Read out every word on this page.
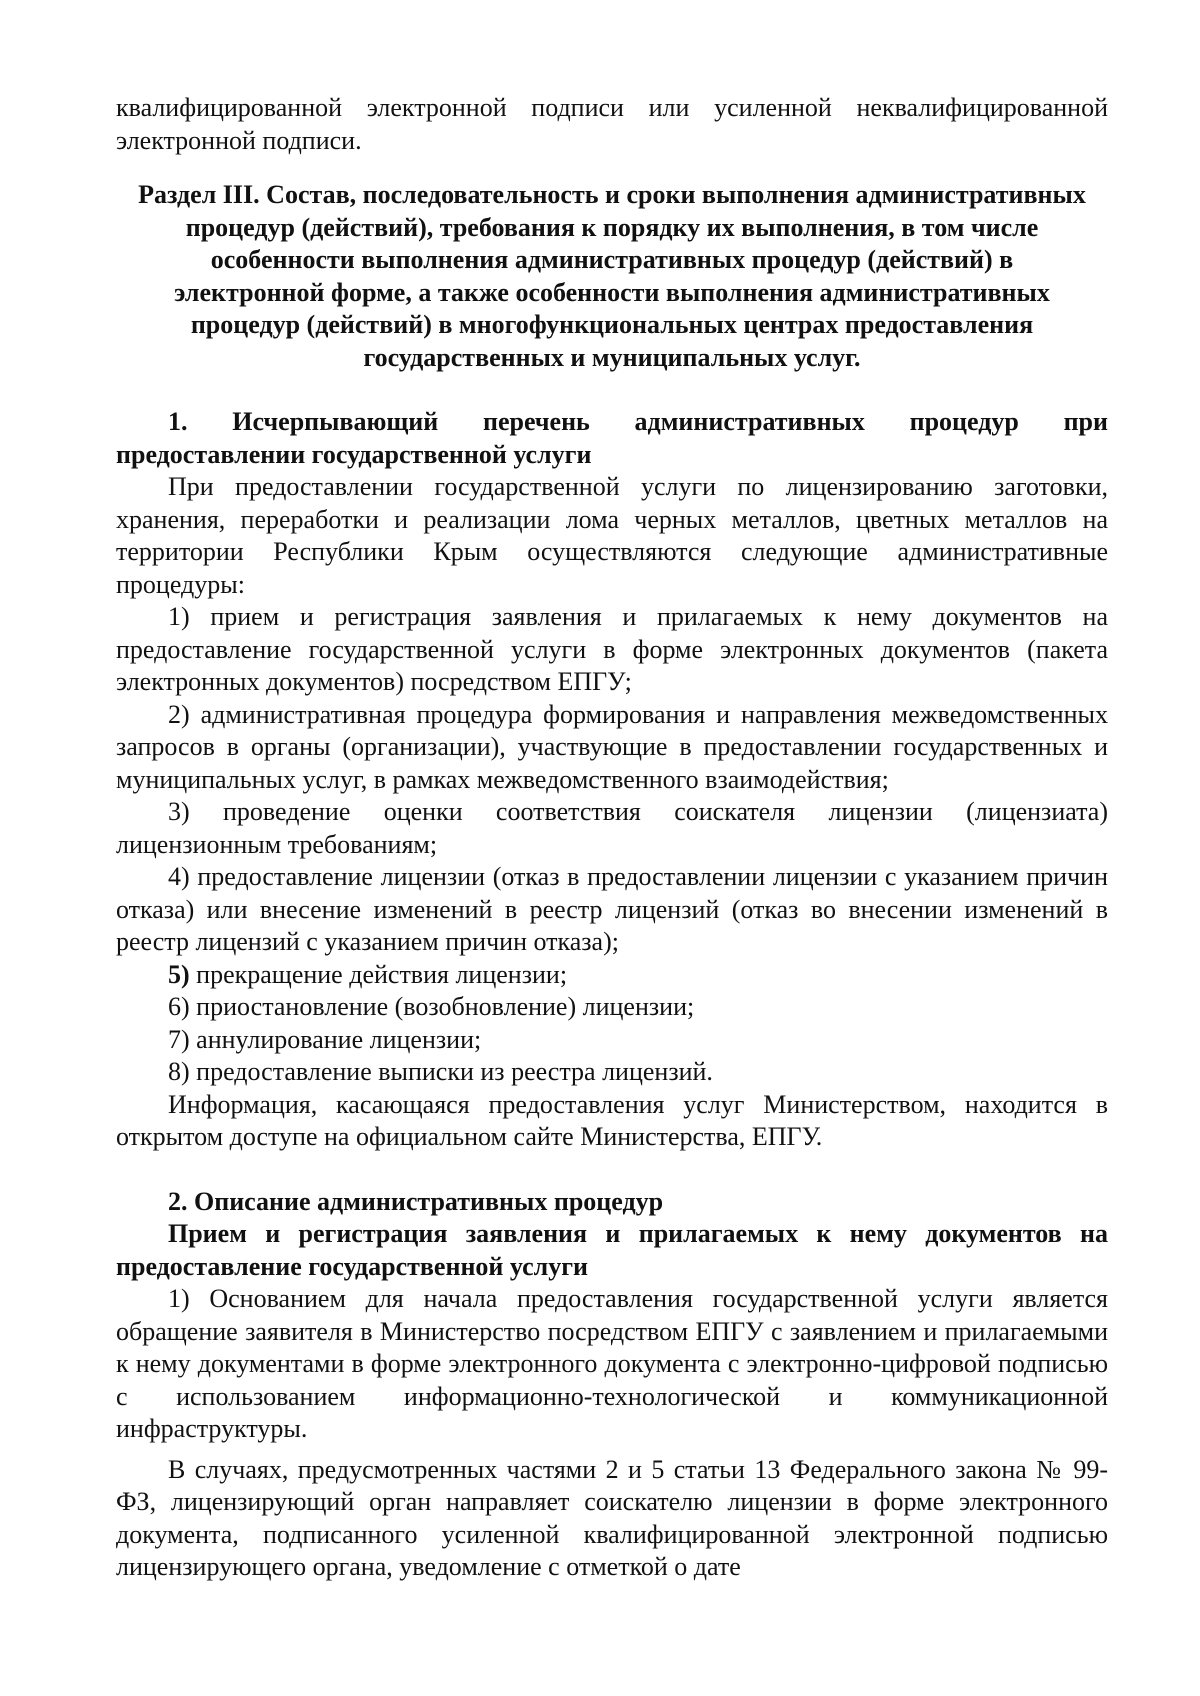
квалифицированной электронной подписи или усиленной неквалифицированной электронной подписи.

Раздел III. Состав, последовательность и сроки выполнения административных процедур (действий), требования к порядку их выполнения, в том числе особенности выполнения административных процедур (действий) в электронной форме, а также особенности выполнения административных процедур (действий) в многофункциональных центрах предоставления государственных и муниципальных услуг.

1. Исчерпывающий перечень административных процедур при предоставлении государственной услуги

При предоставлении государственной услуги по лицензированию заготовки, хранения, переработки и реализации лома черных металлов, цветных металлов на территории Республики Крым осуществляются следующие административные процедуры:

1) прием и регистрация заявления и прилагаемых к нему документов на предоставление государственной услуги в форме электронных документов (пакета электронных документов) посредством ЕПГУ;

2) административная процедура формирования и направления межведомственных запросов в органы (организации), участвующие в предоставлении государственных и муниципальных услуг, в рамках межведомственного взаимодействия;

3) проведение оценки соответствия соискателя лицензии (лицензиата) лицензионным требованиям;

4) предоставление лицензии (отказ в предоставлении лицензии с указанием причин отказа) или внесение изменений в реестр лицензий (отказ во внесении изменений в реестр лицензий с указанием причин отказа);

5) прекращение действия лицензии;

6) приостановление (возобновление) лицензии;

7) аннулирование лицензии;

8) предоставление выписки из реестра лицензий.

Информация, касающаяся предоставления услуг Министерством, находится в открытом доступе на официальном сайте Министерства, ЕПГУ.

2. Описание административных процедур

Прием и регистрация заявления и прилагаемых к нему документов на предоставление государственной услуги

1) Основанием для начала предоставления государственной услуги является обращение заявителя в Министерство посредством ЕПГУ с заявлением и прилагаемыми к нему документами в форме электронного документа с электронно-цифровой подписью с использованием информационно-технологической и коммуникационной инфраструктуры.

В случаях, предусмотренных частями 2 и 5 статьи 13 Федерального закона № 99-ФЗ, лицензирующий орган направляет соискателю лицензии в форме электронного документа, подписанного усиленной квалифицированной электронной подписью лицензирующего органа, уведомление с отметкой о дате
